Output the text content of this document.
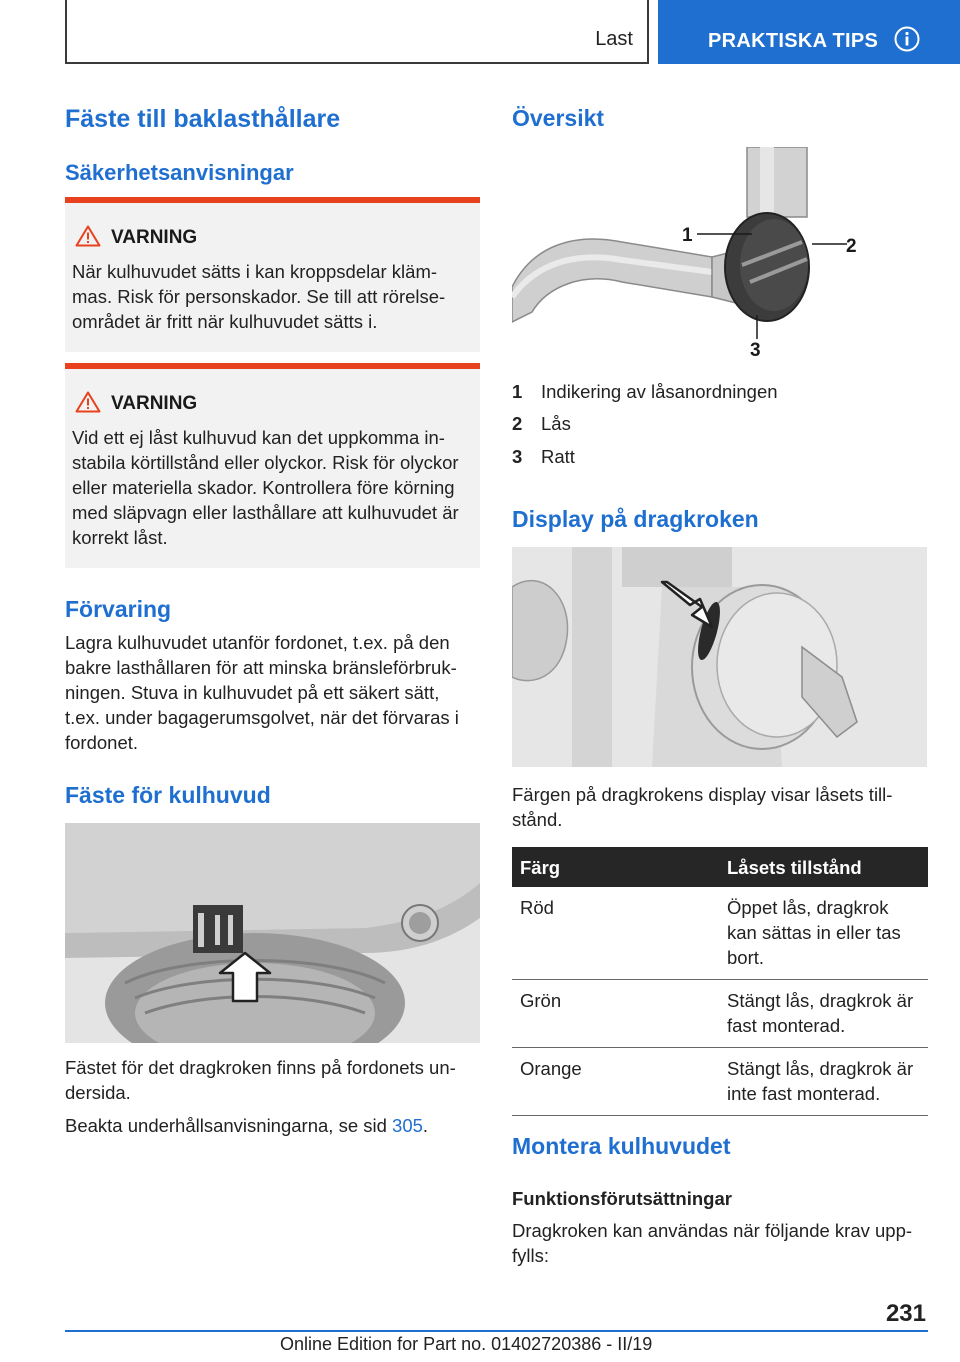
Last	PRAKTISKA TIPS
Fäste till baklasthållare
Säkerhetsanvisningar
VARNING
När kulhuvudet sätts i kan kroppsdelar kläm-mas. Risk för personskador. Se till att rörelse-området är fritt när kulhuvudet sätts i.
VARNING
Vid ett ej låst kulhuvud kan det uppkomma in-stabila körtillstånd eller olyckor. Risk för olyckor eller materiella skador. Kontrollera före körning med släpvagn eller lasthållare att kulhuvudet är korrekt låst.
Förvaring
Lagra kulhuvudet utanför fordonet, t.ex. på den bakre lasthållaren för att minska bränsleförbruk-ningen. Stuva in kulhuvudet på ett säkert sätt, t.ex. under bagagerumsgolvet, när det förvaras i fordonet.
Fäste för kulhuvud
Fästet för det dragkroken finns på fordonets un-dersida.
Beakta underhållsanvisningarna, se sid 305.
Översikt
1
2
3
1 Indikering av låsanordningen
2 Lås
3 Ratt
Display på dragkroken
Färgen på dragkrokens display visar låsets till-stånd.
Färg	Låsets tillstånd
Röd	Öppet lås, dragkrok kan sättas in eller tas bort.
Grön	Stängt lås, dragkrok är fast monterad.
Orange	Stängt lås, dragkrok är inte fast monterad.
Montera kulhuvudet
Funktionsförutsättningar
Dragkroken kan användas när följande krav upp-fylls:
231
Online Edition for Part no. 01402720386 - II/19
